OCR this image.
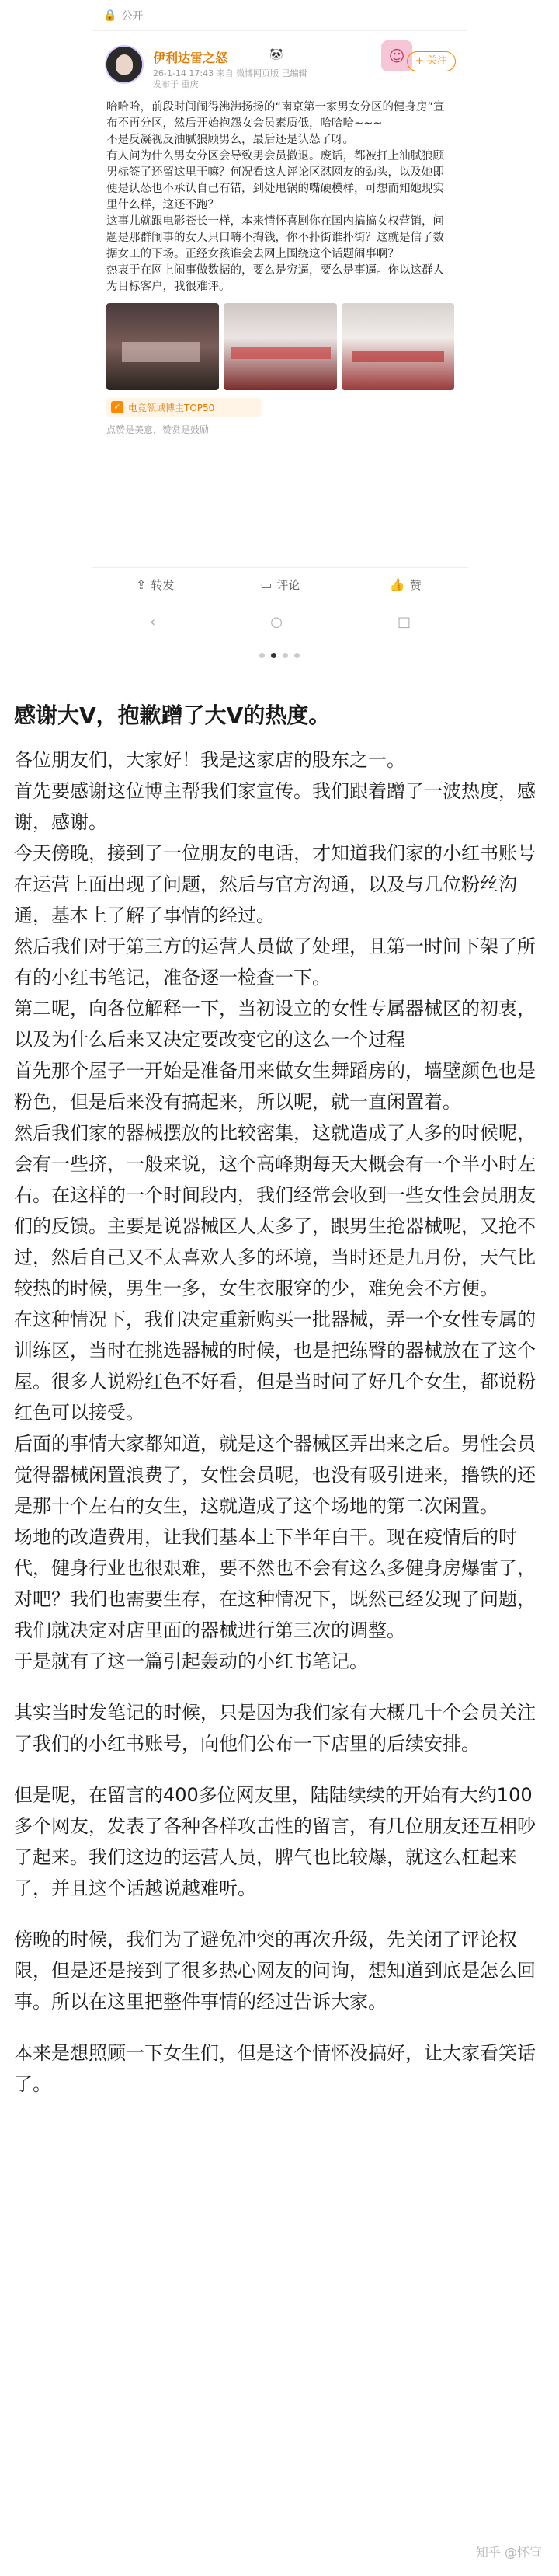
🔒 公开
伊利达雷之怒	🐼
26-1-14 17:43 来自 微博网页版 已编辑
发布于 重庆
☺	+ 关注

哈哈哈，前段时间闹得沸沸扬扬的“南京第一家男女分区的健身房”宣布不再分区，然后开始抱怨女会员素质低，哈哈哈~~~
不是反凝视反油腻狼顾男么，最后还是认怂了呀。
有人问为什么男女分区会导致男会员撤退。废话，都被打上油腻狼顾男标签了还留这里干嘛？何况看这人评论区怼网友的劲头，以及她即便是认怂也不承认自己有错，到处甩锅的嘴硬模样，可想而知她现实里什么样，这还不跑？
这事儿就跟电影苍长一样，本来情怀喜剧你在国内搞搞女权营销，问题是那群闹事的女人只口嗨不掏钱，你不扑街谁扑街？这就是信了数据女工的下场。正经女孩谁会去网上围绕这个话题闹事啊？
热衷于在网上闹事做数据的，要么是穷逼，要么是事逼。你以这群人为目标客户，我很难评。

✓ 电竞领域博主TOP50
点赞是美意，赞赏是鼓励
⇪ 转发	▭ 评论	👍 赞
‹	○	□
感谢大V，抱歉蹭了大V的热度。
各位朋友们，大家好！我是这家店的股东之一。
首先要感谢这位博主帮我们家宣传。我们跟着蹭了一波热度，感谢，感谢。
今天傍晚，接到了一位朋友的电话，才知道我们家的小红书账号在运营上面出现了问题，然后与官方沟通，以及与几位粉丝沟通，基本上了解了事情的经过。
然后我们对于第三方的运营人员做了处理，且第一时间下架了所有的小红书笔记，准备逐一检查一下。
第二呢，向各位解释一下，当初设立的女性专属器械区的初衷，以及为什么后来又决定要改变它的这么一个过程
首先那个屋子一开始是准备用来做女生舞蹈房的，墙壁颜色也是粉色，但是后来没有搞起来，所以呢，就一直闲置着。
然后我们家的器械摆放的比较密集，这就造成了人多的时候呢，会有一些挤，一般来说，这个高峰期每天大概会有一个半小时左右。在这样的一个时间段内，我们经常会收到一些女性会员朋友们的反馈。主要是说器械区人太多了，跟男生抢器械呢，又抢不过，然后自己又不太喜欢人多的环境，当时还是九月份，天气比较热的时候，男生一多，女生衣服穿的少，难免会不方便。
在这种情况下，我们决定重新购买一批器械，弄一个女性专属的训练区，当时在挑选器械的时候，也是把练臀的器械放在了这个屋。很多人说粉红色不好看，但是当时问了好几个女生，都说粉红色可以接受。
后面的事情大家都知道，就是这个器械区弄出来之后。男性会员觉得器械闲置浪费了，女性会员呢，也没有吸引进来，撸铁的还是那十个左右的女生，这就造成了这个场地的第二次闲置。
场地的改造费用，让我们基本上下半年白干。现在疫情后的时代，健身行业也很艰难，要不然也不会有这么多健身房爆雷了，对吧？我们也需要生存，在这种情况下，既然已经发现了问题，我们就决定对店里面的器械进行第三次的调整。
于是就有了这一篇引起轰动的小红书笔记。
其实当时发笔记的时候，只是因为我们家有大概几十个会员关注了我们的小红书账号，向他们公布一下店里的后续安排。
但是呢，在留言的400多位网友里，陆陆续续的开始有大约100多个网友，发表了各种各样攻击性的留言，有几位朋友还互相吵了起来。我们这边的运营人员，脾气也比较爆，就这么杠起来了，并且这个话越说越难听。
傍晚的时候，我们为了避免冲突的再次升级，先关闭了评论权限，但是还是接到了很多热心网友的问询，想知道到底是怎么回事。所以在这里把整件事情的经过告诉大家。
本来是想照顾一下女生们，但是这个情怀没搞好，让大家看笑话了。
知乎 @怀宣
